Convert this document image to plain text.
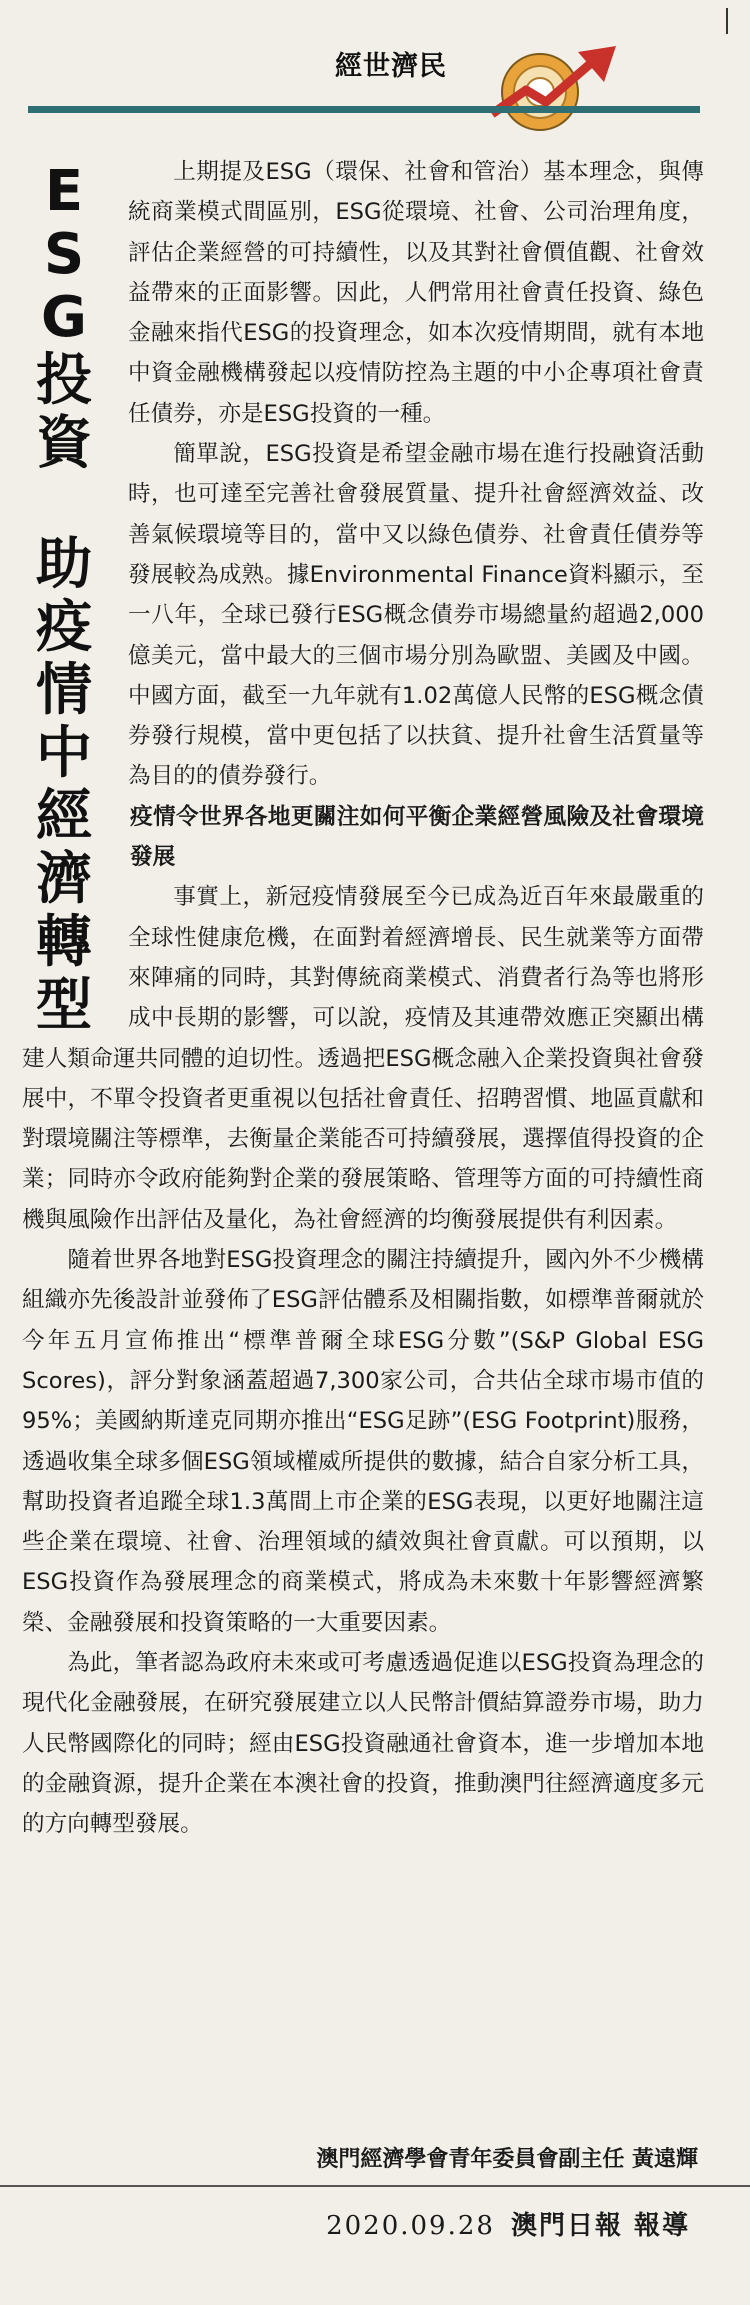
經世濟民
E
S
G
投
資
助
疫
情
中
經
濟
轉
型

上期提及ESG（環保、社會和管治）基本理念，與傳統商業模式間區別，ESG從環境、社會、公司治理角度，評估企業經營的可持續性，以及其對社會價值觀、社會效益帶來的正面影響。因此，人們常用社會責任投資、綠色金融來指代ESG的投資理念，如本次疫情期間，就有本地中資金融機構發起以疫情防控為主題的中小企專項社會責任債券，亦是ESG投資的一種。

簡單說，ESG投資是希望金融市場在進行投融資活動時，也可達至完善社會發展質量、提升社會經濟效益、改善氣候環境等目的，當中又以綠色債券、社會責任債券等發展較為成熟。據Environmental Finance資料顯示，至一八年，全球已發行ESG概念債券市場總量約超過2,000億美元，當中最大的三個市場分別為歐盟、美國及中國。中國方面，截至一九年就有1.02萬億人民幣的ESG概念債券發行規模，當中更包括了以扶貧、提升社會生活質量等為目的的債券發行。

疫情令世界各地更關注如何平衡企業經營風險及社會環境發展

事實上，新冠疫情發展至今已成為近百年來最嚴重的全球性健康危機，在面對着經濟增長、民生就業等方面帶來陣痛的同時，其對傳統商業模式、消費者行為等也將形成中長期的影響，可以說，疫情及其連帶效應正突顯出構建人類命運共同體的迫切性。透過把ESG概念融入企業投資與社會發展中，不單令投資者更重視以包括社會責任、招聘習慣、地區貢獻和對環境關注等標準，去衡量企業能否可持續發展，選擇值得投資的企業；同時亦令政府能夠對企業的發展策略、管理等方面的可持續性商機與風險作出評估及量化，為社會經濟的均衡發展提供有利因素。

隨着世界各地對ESG投資理念的關注持續提升，國內外不少機構組織亦先後設計並發佈了ESG評估體系及相關指數，如標準普爾就於今年五月宣佈推出“標準普爾全球ESG分數”(S&P Global ESG Scores)，評分對象涵蓋超過7,300家公司，合共佔全球市場市值的95%；美國納斯達克同期亦推出“ESG足跡”(ESG Footprint)服務，透過收集全球多個ESG領域權威所提供的數據，結合自家分析工具，幫助投資者追蹤全球1.3萬間上市企業的ESG表現，以更好地關注這些企業在環境、社會、治理領域的績效與社會貢獻。可以預期，以ESG投資作為發展理念的商業模式，將成為未來數十年影響經濟繁榮、金融發展和投資策略的一大重要因素。

為此，筆者認為政府未來或可考慮透過促進以ESG投資為理念的現代化金融發展，在研究發展建立以人民幣計價結算證券市場，助力人民幣國際化的同時；經由ESG投資融通社會資本，進一步增加本地的金融資源，提升企業在本澳社會的投資，推動澳門往經濟適度多元的方向轉型發展。

澳門經濟學會青年委員會副主任 黃遠輝
2020.09.28 澳門日報 報導
